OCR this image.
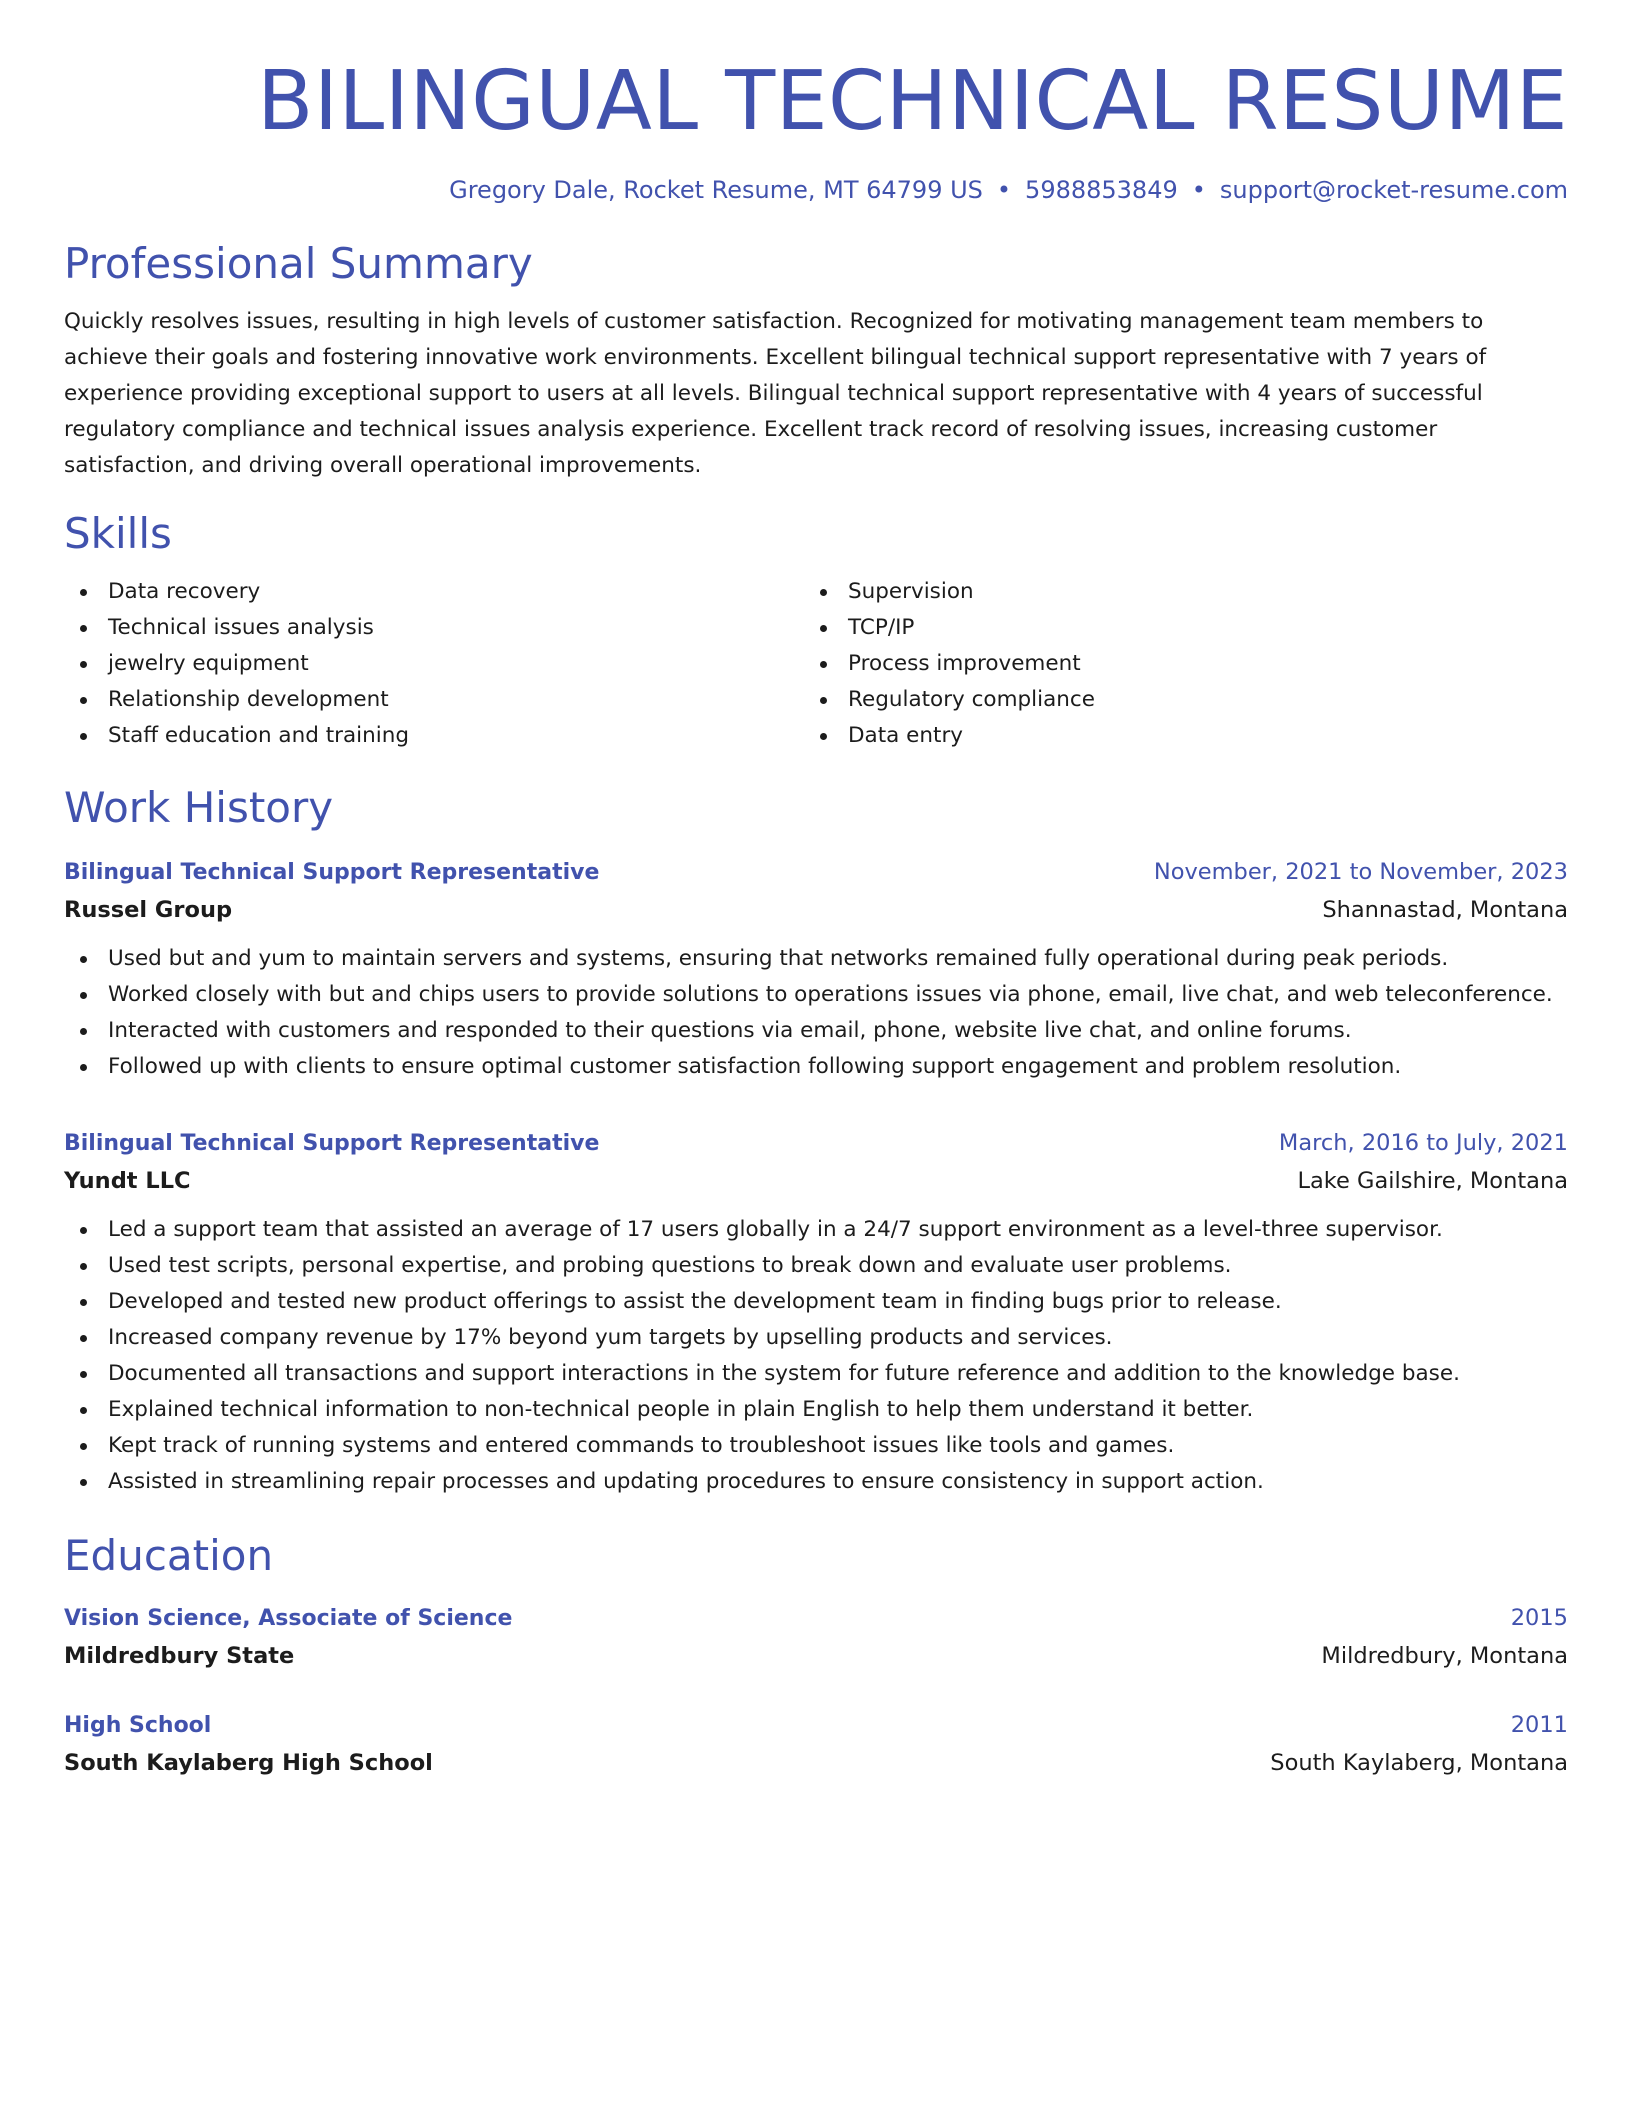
BILINGUAL TECHNICAL RESUME
Gregory Dale, Rocket Resume, MT 64799 US • 5988853849 • support@rocket-resume.com
Professional Summary

Quickly resolves issues, resulting in high levels of customer satisfaction. Recognized for motivating management team members to achieve their goals and fostering innovative work environments. Excellent bilingual technical support representative with 7 years of experience providing exceptional support to users at all levels. Bilingual technical support representative with 4 years of successful regulatory compliance and technical issues analysis experience. Excellent track record of resolving issues, increasing customer satisfaction, and driving overall operational improvements.

Skills
Data recovery
Technical issues analysis
jewelry equipment
Relationship development
Staff education and training
Supervision
TCP/IP
Process improvement
Regulatory compliance
Data entry
Work History
Bilingual Technical Support Representative	November, 2021 to November, 2023
Russel Group	Shannastad, Montana
Used but and yum to maintain servers and systems, ensuring that networks remained fully operational during peak periods.
Worked closely with but and chips users to provide solutions to operations issues via phone, email, live chat, and web teleconference.
Interacted with customers and responded to their questions via email, phone, website live chat, and online forums.
Followed up with clients to ensure optimal customer satisfaction following support engagement and problem resolution.
Bilingual Technical Support Representative	March, 2016 to July, 2021
Yundt LLC	Lake Gailshire, Montana
Led a support team that assisted an average of 17 users globally in a 24/7 support environment as a level-three supervisor.
Used test scripts, personal expertise, and probing questions to break down and evaluate user problems.
Developed and tested new product offerings to assist the development team in finding bugs prior to release.
Increased company revenue by 17% beyond yum targets by upselling products and services.
Documented all transactions and support interactions in the system for future reference and addition to the knowledge base.
Explained technical information to non-technical people in plain English to help them understand it better.
Kept track of running systems and entered commands to troubleshoot issues like tools and games.
Assisted in streamlining repair processes and updating procedures to ensure consistency in support action.
Education
Vision Science, Associate of Science	2015
Mildredbury State	Mildredbury, Montana
High School	2011
South Kaylaberg High School	South Kaylaberg, Montana
